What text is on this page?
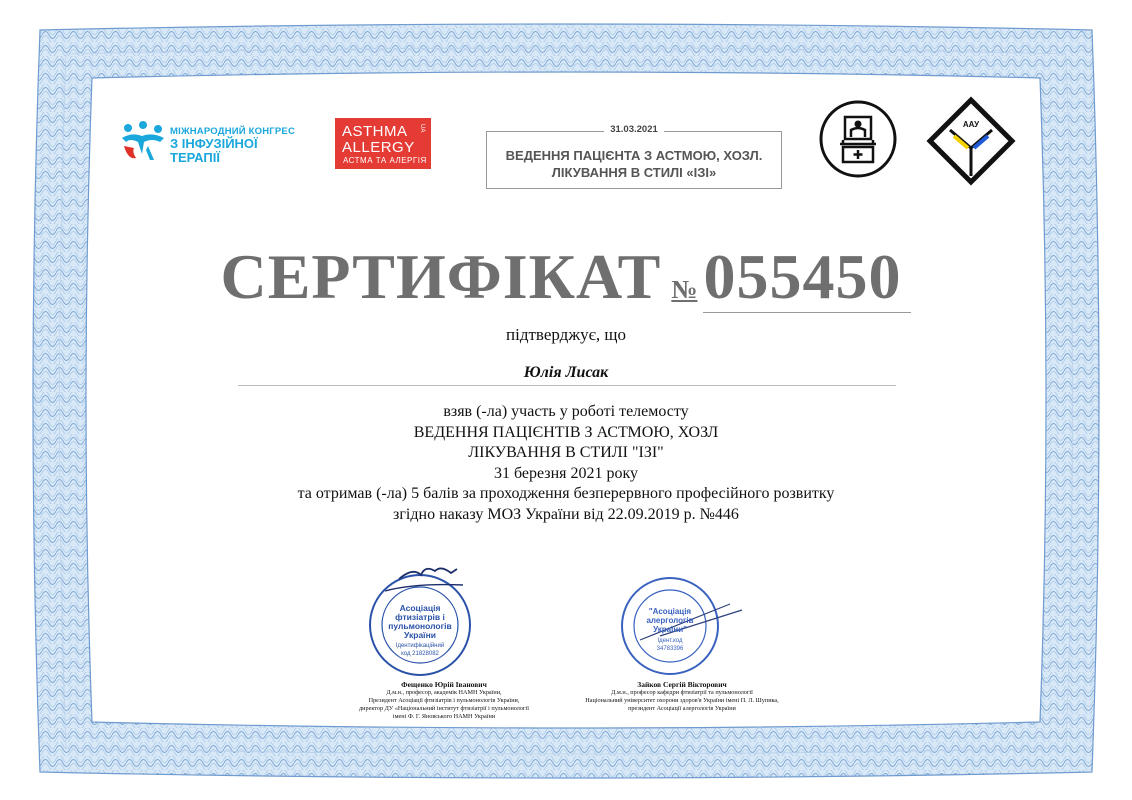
МІЖНАРОДНИЙ КОНГРЕС
З ІНФУЗІЙНОЇ ТЕРАПІЇ
ASTHMA
ALLERGY
АСТМА ТА АЛЕРГІЯ
UA	31.03.2021
ВЕДЕННЯ ПАЦІЄНТА З АСТМОЮ, ХОЗЛ.
ЛІКУВАННЯ В СТИЛІ «ІЗІ»
ААУ
СЕРТИФІКАТ №055450
підтверджує, що
Юлія Лисак
взяв (-ла) участь у роботі телемосту
ВЕДЕННЯ ПАЦІЄНТІВ З АСТМОЮ, ХОЗЛ
ЛІКУВАННЯ В СТИЛІ "ІЗІ"
31 березня 2021 року
та отримав (-ла) 5 балів за проходження безперервного професійного розвитку
згідно наказу МОЗ України від 22.09.2019 р. №446
Асоціація
фтизіатрів і
пульмонологів
України
Ідентифікаційний
код 21828082
Фещенко Юрій Іванович
Д.м.н., професор, академік НАМН України,
Президент Асоціації фтизіатрів і пульмонологів України,
директор ДУ «Національний інститут фтизіатрії і пульмонології
імені Ф. Г. Яновського НАМН України
"Асоціація
алергологів
України"
Ідент.код
34783396
Зайков Сергій Вікторович
Д.м.н., професор кафедри фтизіатрії та пульмонології
Національний університет охорони здоров'я України імені П. Л. Шупика,
президент Асоціації алергологів України
